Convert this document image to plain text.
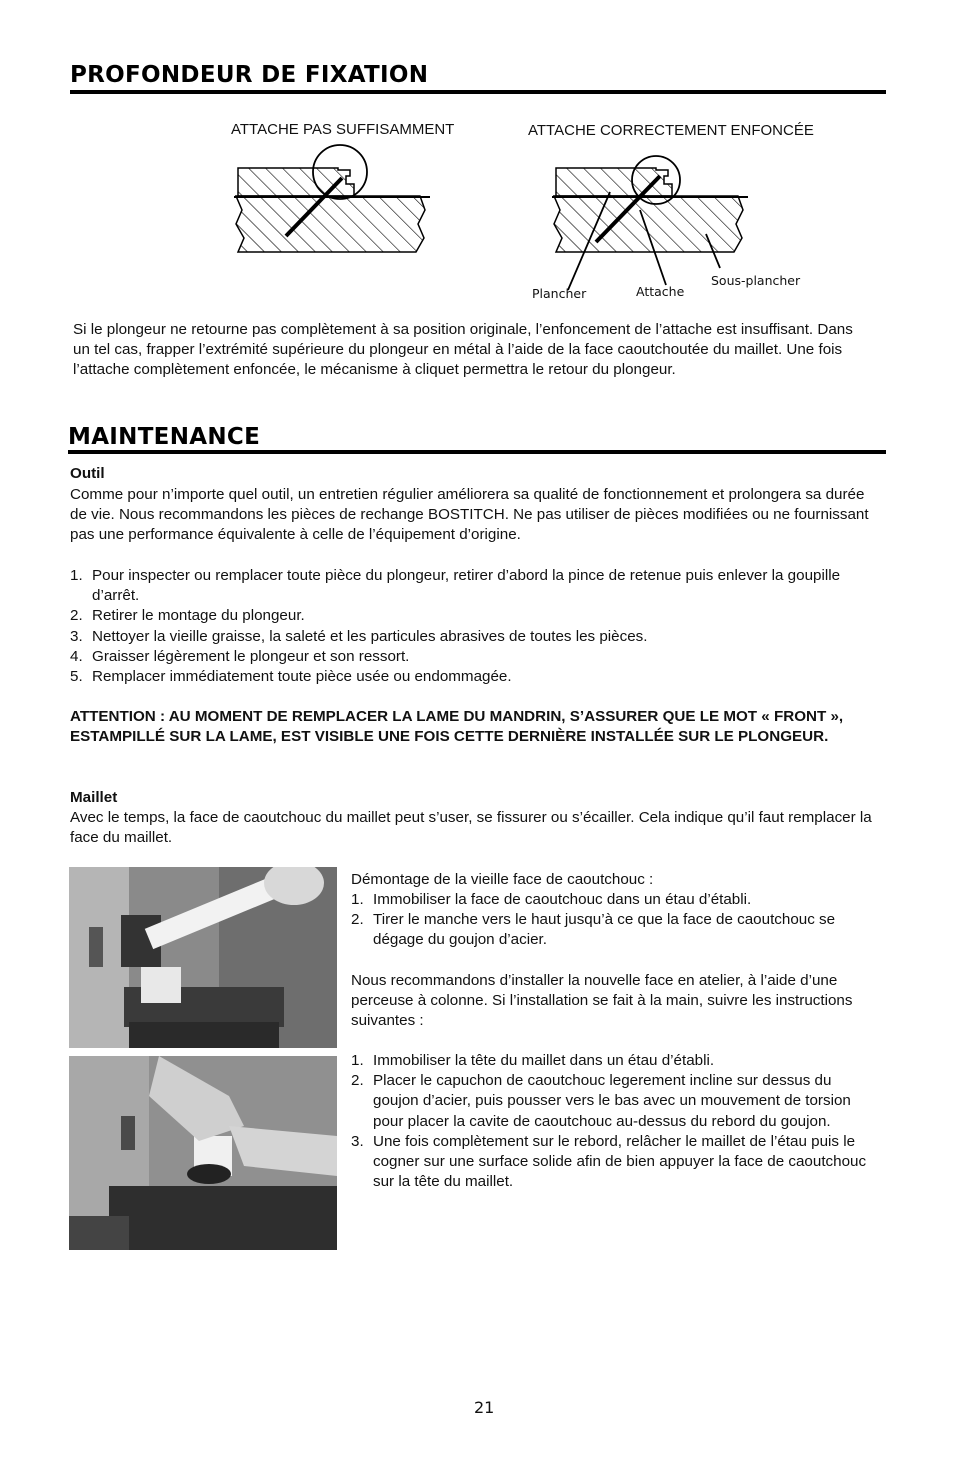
PROFONDEUR DE FIXATION
ATTACHE PAS SUFFISAMMENT	ATTACHE CORRECTEMENT ENFONCÉE
Plancher	Attache
Sous-plancher
Si le plongeur ne retourne pas complètement à sa position originale, l’enfoncement de l’attache est insuffisant. Dans un tel cas, frapper l’extrémité supérieure du plongeur en métal à l’aide de la face caoutchoutée du maillet. Une fois l’attache complètement enfoncée, le mécanisme à cliquet permettra le retour du plongeur.
MAINTENANCE
Outil
Comme pour n’importe quel outil, un entretien régulier améliorera sa qualité de fonctionnement et prolongera sa durée de vie. Nous recommandons les pièces de rechange BOSTITCH. Ne pas utiliser de pièces modifiées ou ne fournissant pas une performance équivalente à celle de l’équipement d’origine.
1. Pour inspecter ou remplacer toute pièce du plongeur, retirer d’abord la pince de retenue puis enlever la goupille d’arrêt.
2. Retirer le montage du plongeur.
3. Nettoyer la vieille graisse, la saleté et les particules abrasives de toutes les pièces.
4. Graisser légèrement le plongeur et son ressort.
5. Remplacer immédiatement toute pièce usée ou endommagée.
ATTENTION : AU MOMENT DE REMPLACER LA LAME DU MANDRIN, S’ASSURER QUE LE MOT « FRONT », ESTAMPILLÉ SUR LA LAME, EST VISIBLE UNE FOIS CETTE DERNIÈRE INSTALLÉE SUR LE PLONGEUR.
Maillet
Avec le temps, la face de caoutchouc du maillet peut s’user, se fissurer ou s’écailler. Cela indique qu’il faut remplacer la face du maillet.
Démontage de la vieille face de caoutchouc :
1. Immobiliser la face de caoutchouc dans un étau d’établi.
2. Tirer le manche vers le haut jusqu’à ce que la face de caoutchouc se dégage du goujon d’acier.
Nous recommandons d’installer la nouvelle face en atelier, à l’aide d’une perceuse à colonne. Si l’installation se fait à la main, suivre les instructions suivantes :
1. Immobiliser la tête du maillet dans un étau d’établi.
2. Placer le capuchon de caoutchouc legerement incline sur dessus du goujon d’acier, puis pousser vers le bas avec un mouvement de torsion pour placer la cavite de caoutchouc au-dessus du rebord du goujon.
3. Une fois complètement sur le rebord, relâcher le maillet de l’étau puis le cogner sur une surface solide afin de bien appuyer la face de caoutchouc sur la tête du maillet.
21
